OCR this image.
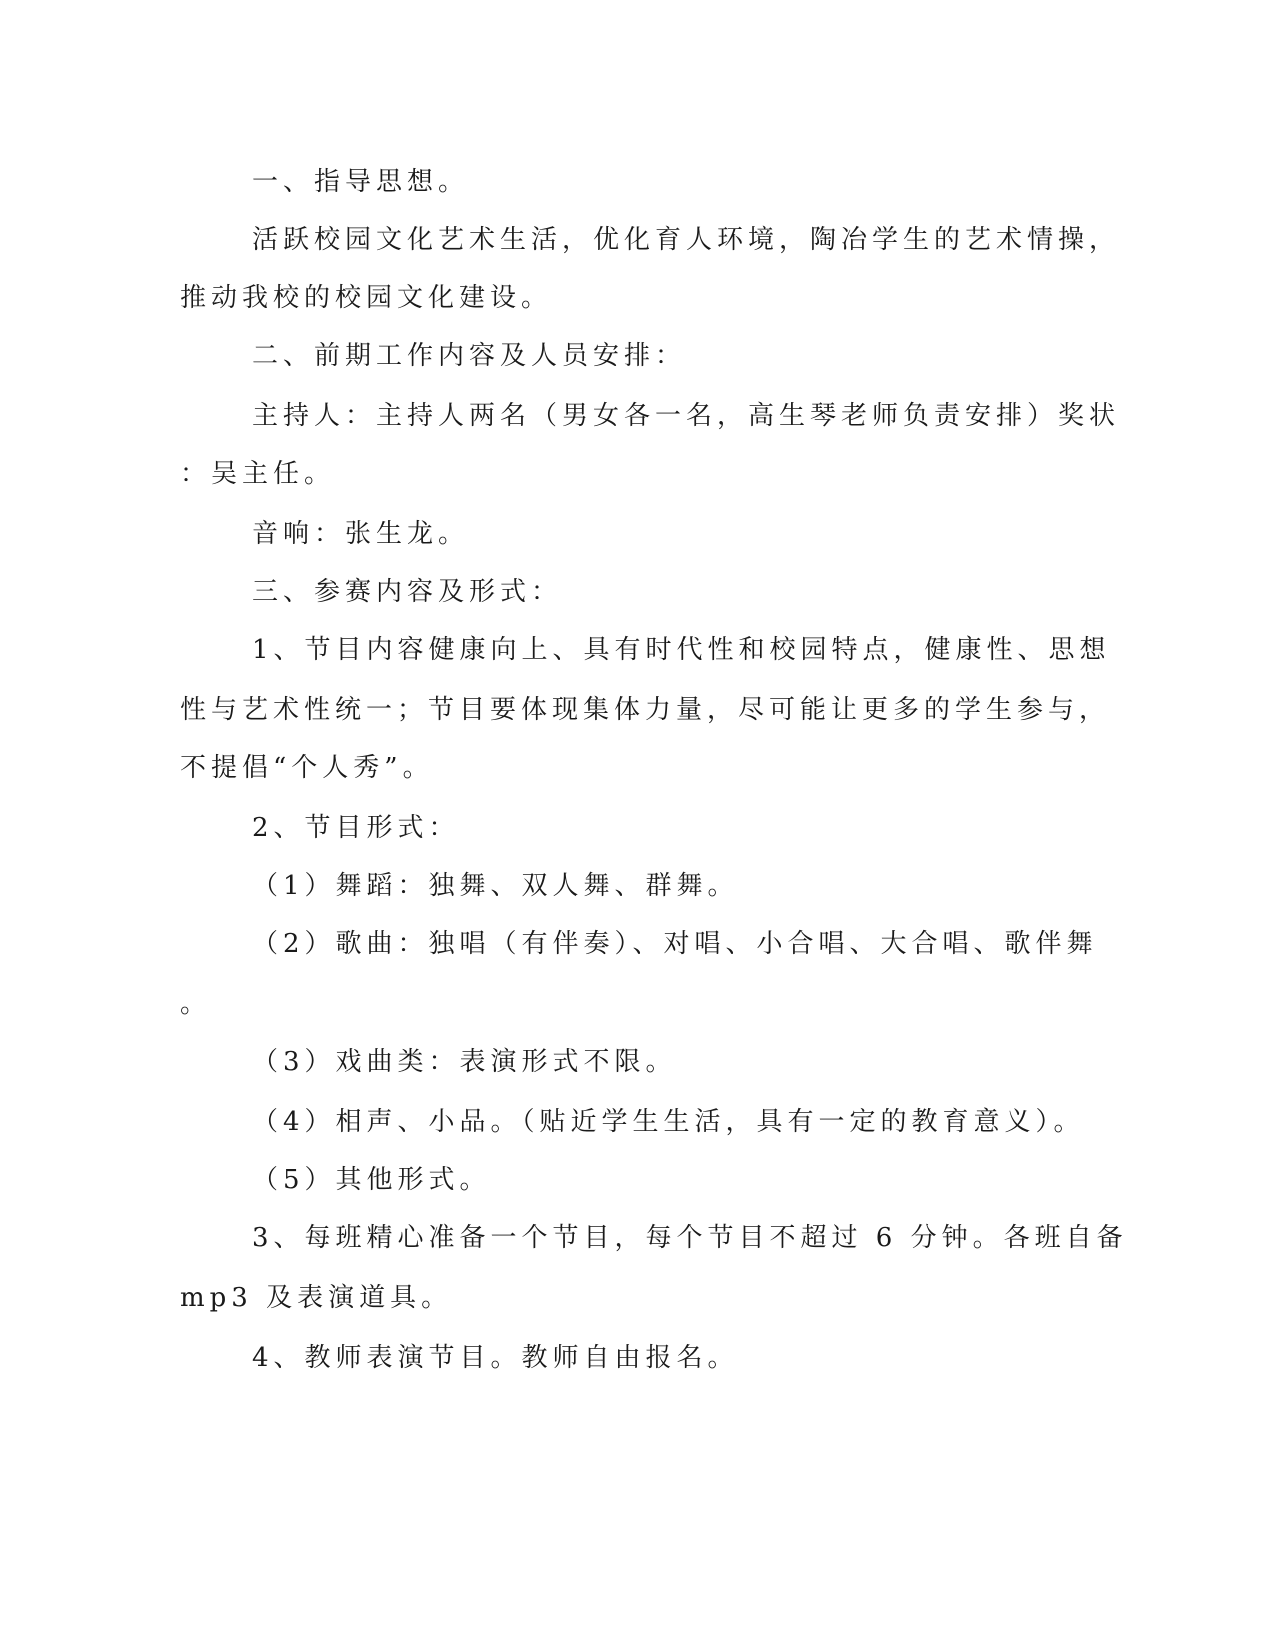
一、指导思想。
活跃校园文化艺术生活，优化育人环境，陶冶学生的艺术情操，
推动我校的校园文化建设。
二、前期工作内容及人员安排：
主持人：主持人两名（男女各一名，高生琴老师负责安排）奖状
：吴主任。
音响：张生龙。
三、参赛内容及形式：
1、节目内容健康向上、具有时代性和校园特点，健康性、思想
性与艺术性统一；节目要体现集体力量，尽可能让更多的学生参与，
不提倡“个人秀”。
2、节目形式：
（1）舞蹈：独舞、双人舞、群舞。
（2）歌曲：独唱（有伴奏）、对唱、小合唱、大合唱、歌伴舞
。
（3）戏曲类：表演形式不限。
（4）相声、小品。（贴近学生生活，具有一定的教育意义）。
（5）其他形式。
3、每班精心准备一个节目，每个节目不超过 6 分钟。各班自备
mp3 及表演道具。
4、教师表演节目。教师自由报名。
